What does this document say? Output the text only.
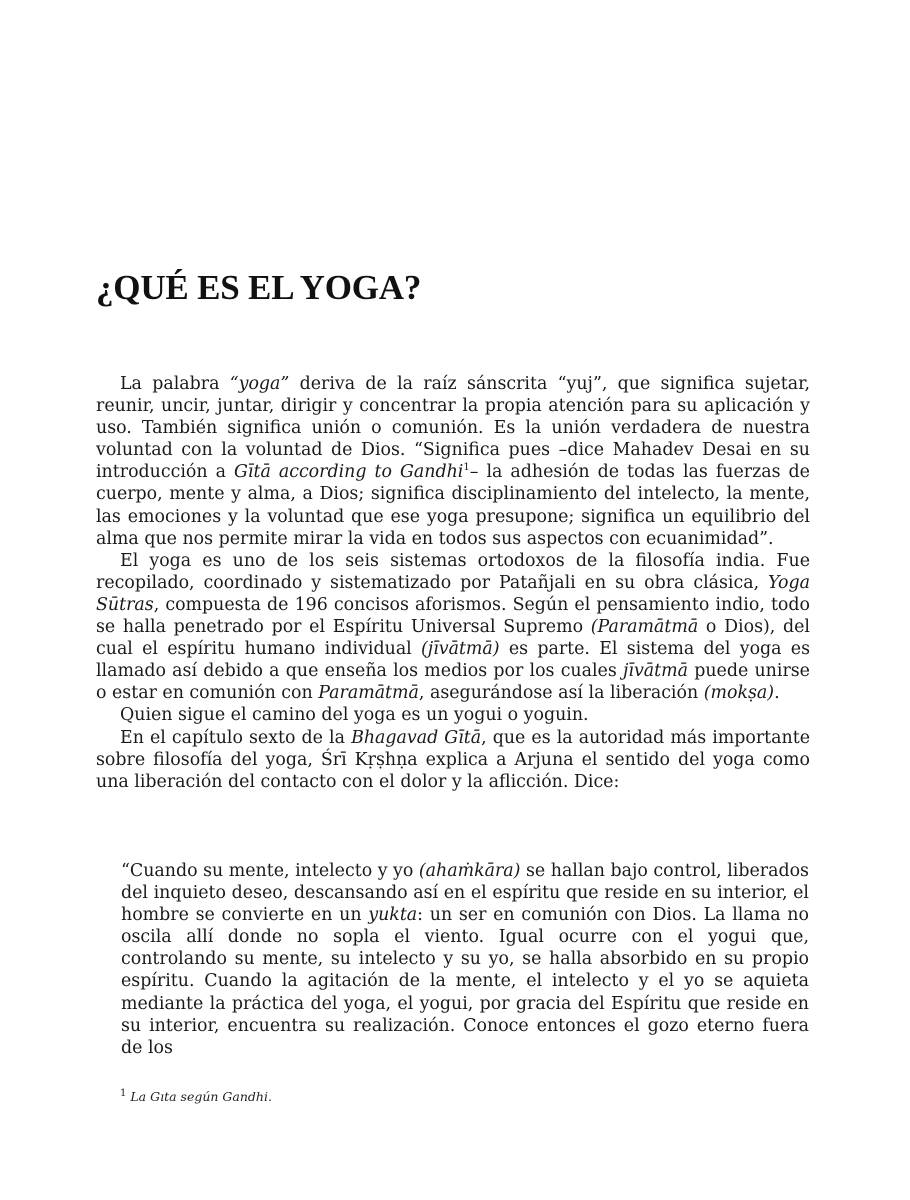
¿QUÉ ES EL YOGA?

La palabra “yoga” deriva de la raíz sánscrita “yuj”, que significa sujetar, reunir, uncir, juntar, dirigir y concentrar la propia atención para su aplicación y uso. También significa unión o comunión. Es la unión verdadera de nuestra voluntad con la voluntad de Dios. “Significa pues –dice Mahadev Desai en su introducción a Gītā according to Gandhi$^1$– la adhesión de todas las fuerzas de cuerpo, mente y alma, a Dios; significa disciplinamiento del intelecto, la mente, las emociones y la voluntad que ese yoga presupone; significa un equilibrio del alma que nos permite mirar la vida en todos sus aspectos con ecuanimidad”.

El yoga es uno de los seis sistemas ortodoxos de la filosofía india. Fue recopilado, coordinado y sistematizado por Patañjali en su obra clásica, Yoga Sūtras, compuesta de 196 concisos aforismos. Según el pensamiento indio, todo se halla penetrado por el Espíritu Universal Supremo (Paramātmā o Dios), del cual el espíritu humano individual (jīvātmā) es parte. El sistema del yoga es llamado así debido a que enseña los medios por los cuales jīvātmā puede unirse o estar en comunión con Paramātmā, asegurándose así la liberación (mokṣa).

Quien sigue el camino del yoga es un yogui o yoguin.

En el capítulo sexto de la Bhagavad Gītā, que es la autoridad más importante sobre filosofía del yoga, Śrī Kṛṣhṇa explica a Arjuna el sentido del yoga como una liberación del contacto con el dolor y la aflicción. Dice:

“Cuando su mente, intelecto y yo (ahaṁkāra) se hallan bajo control, liberados del inquieto deseo, descansando así en el espíritu que reside en su interior, el hombre se convierte en un yukta: un ser en comunión con Dios. La llama no oscila allí donde no sopla el viento. Igual ocurre con el yogui que, controlando su mente, su intelecto y su yo, se halla absorbido en su propio espíritu. Cuando la agitación de la mente, el intelecto y el yo se aquieta mediante la práctica del yoga, el yogui, por gracia del Espíritu que reside en su interior, encuentra su realización. Conoce entonces el gozo eterno fuera de los

$^1$ La Gıta según Gandhi.
